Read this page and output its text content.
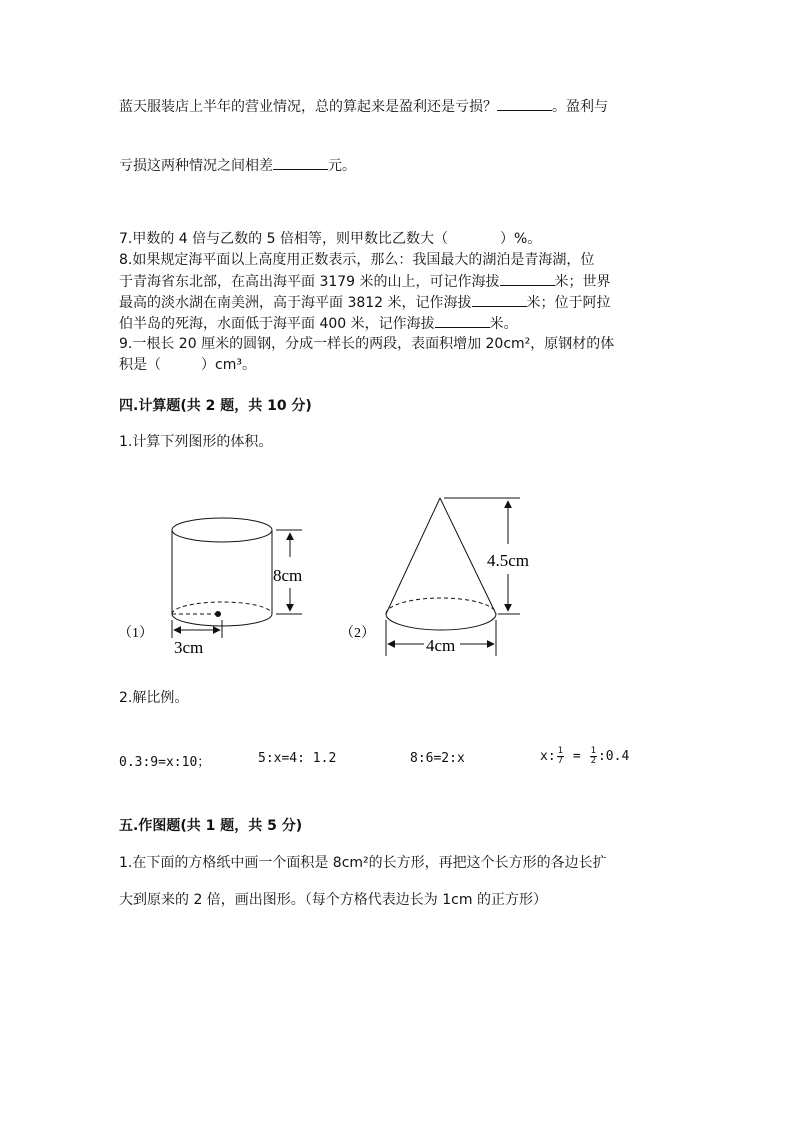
蓝天服装店上半年的营业情况，总的算起来是盈利还是亏损？	。盈利与
亏损这两种情况之间相差	元。
7.甲数的 4 倍与乙数的 5 倍相等，则甲数比乙数大（	）%。
8.如果规定海平面以上高度用正数表示，那么：我国最大的湖泊是青海湖，位
于青海省东北部，在高出海平面 3179 米的山上，可记作海拔	米；世界
最高的淡水湖在南美洲，高于海平面 3812 米，记作海拔	米；位于阿拉
伯半岛的死海，水面低于海平面 400 米，记作海拔	米。
9.一根长 20 厘米的圆钢，分成一样长的两段，表面积增加 20cm²，原钢材的体
积是（	）cm³。
四.计算题(共 2 题，共 10 分)
1.计算下列图形的体积。
（1）
8cm
3cm
（2）
4.5cm
4cm
2.解比例。
0.3:9=x:10；	5:x=4: 1.2	8:6=2:x	x: $\frac{1}{7} = \frac{1}{2}$ :0.4
五.作图题(共 1 题，共 5 分)
1.在下面的方格纸中画一个面积是 8cm²的长方形，再把这个长方形的各边长扩
大到原来的 2 倍，画出图形。（每个方格代表边长为 1cm 的正方形）
